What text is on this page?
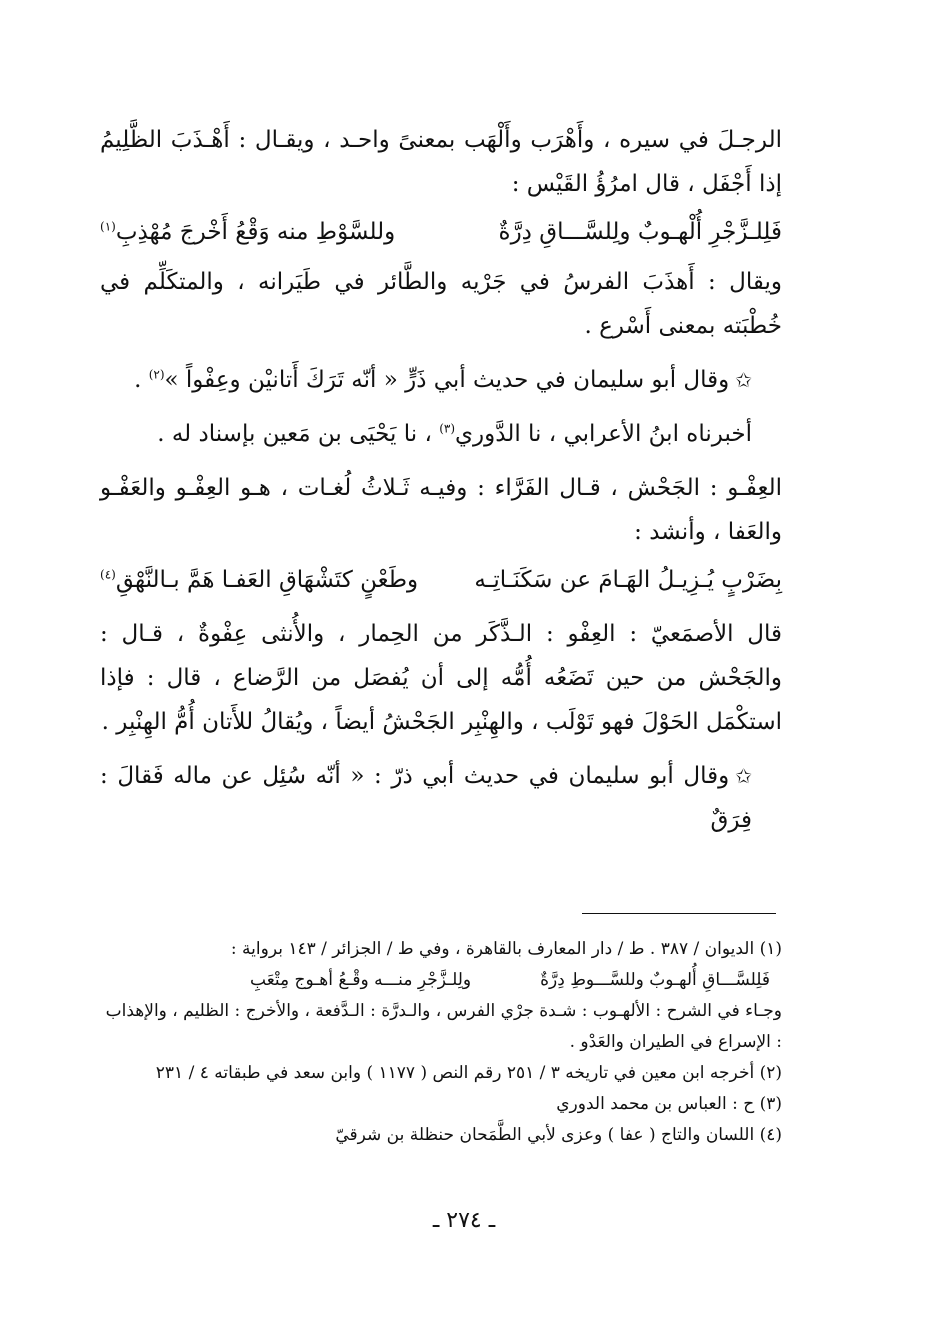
الرجـلَ في سيره ، وأَهْرَب وأَلْهَب بمعنىً واحـد ، ويقـال : أَهْـذَبَ الظَّلِيمُ إذا أَجْفَل ، قال امرُؤُ القَيْس :

فَلِلـزَّجْرِ أُلْهـوبٌ ولِلسَّـــاقِ دِرَّةٌ
وللسَّوْطِ منه وَقْعُ أَخْرجَ مُهْذِبِ$^{(١)}$

ويقال : أَهذَبَ الفرسُ في جَرْيه والطَّائر في طَيَرانه ، والمتكَلِّم في خُطْبَته بمعنى أَسْرع .

✩وقال أبو سليمان في حديث أبي ذَرٍّ « أنّه تَرَكَ أَتانيْن وعِفْواً »$^{(٢)}$ .

أخبرناه ابنُ الأعرابي ، نا الدَّوري$^{(٣)}$ ، نا يَحْيَى بن مَعين بإسناد له .

العِفْـو : الجَحْش ، قـال الفَرَّاء : وفيـه ثَـلاثُ لُغـات ، هـو العِفْـو والعَفْـو والعَفا ، وأنشد :

بِضَرْبٍ يُـزِيـلُ الهَـامَ عن سَكَنَـاتِـه
وطَعْنٍ كتَشْهَاقِ العَفـا هَمَّ بـالنَّهْقِ$^{(٤)}$

قال الأصمَعيّ : العِفْو : الـذَّكَر من الحِمار ، والأُنثى عِفْوةٌ ، قـال : والجَحْش من حين تَضَعُه أُمُّه إلى أن يُفصَل من الرَّضاع ، قال : فإذا استكْمَل الحَوْلَ فهو تَوْلَب ، والهِنْبِر الجَحْشُ أيضاً ، ويُقالُ للأَتان أُمُّ الهِنْبِر .

✩وقال أبو سليمان في حديث أبي ذرّ : « أنّه سُئِل عن ماله فَقالَ : فِرَقٌ

(١) الديوان / ٣٨٧ . ط / دار المعارف بالقاهرة ، وفي ط / الجزائر / ١٤٣ برواية :

فَلِلسَّـــاقِ أُلهـوبٌ وللسَّـــوطِ دِرَّةٌ
ولِلـزَّجْرِ منـــه وقْـعُ أهـوج مِتْعَبِ

وجـاء في الشرح : الألهـوب : شـدة جرْي الفرس ، والـدرَّة : الـدَّفعة ، والأخرج : الظليم ، والإهذاب : الإسراع في الطيران والعَدْو .

(٢) أخرجه ابن معين في تاريخه ٣ / ٢٥١ رقم النص ( ١١٧٧ ) وابن سعد في طبقاته ٤ / ٢٣١

(٣) ح : العباس بن محمد الدوري

(٤) اللسان والتاج ( عفا ) وعزى لأبي الطَّمَحان حنظلة بن شرقيّ

ـ ٢٧٤ ـ
